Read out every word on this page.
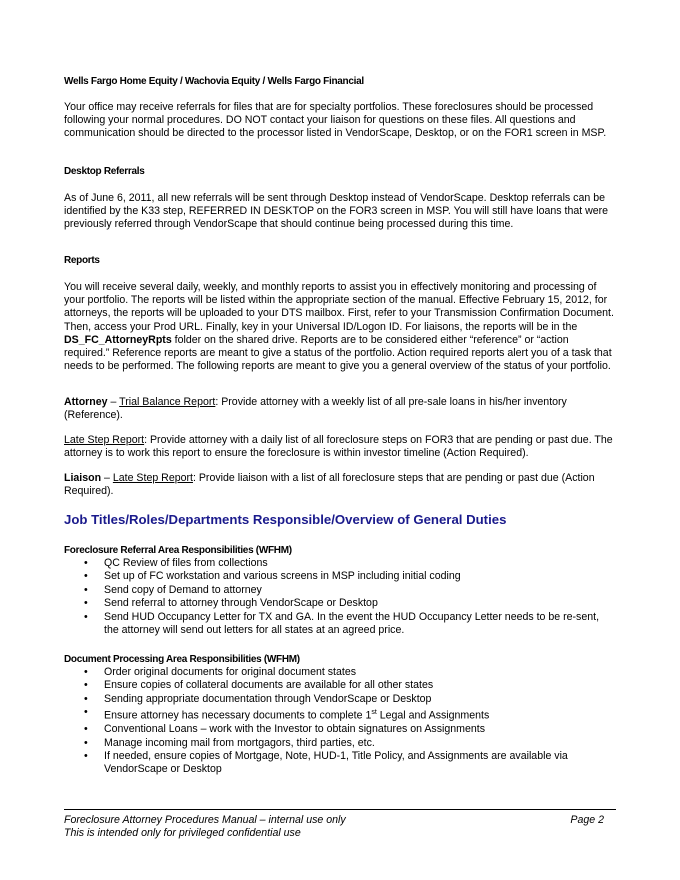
Wells Fargo Home Equity / Wachovia Equity / Wells Fargo Financial

Your office may receive referrals for files that are for specialty portfolios. These foreclosures should be processed following your normal procedures. DO NOT contact your liaison for questions on these files. All questions and communication should be directed to the processor listed in VendorScape, Desktop, or on the FOR1 screen in MSP.

Desktop Referrals

As of June 6, 2011, all new referrals will be sent through Desktop instead of VendorScape. Desktop referrals can be identified by the K33 step, REFERRED IN DESKTOP on the FOR3 screen in MSP. You will still have loans that were previously referred through VendorScape that should continue being processed during this time.

Reports

You will receive several daily, weekly, and monthly reports to assist you in effectively monitoring and processing of your portfolio. The reports will be listed within the appropriate section of the manual. Effective February 15, 2012, for attorneys, the reports will be uploaded to your DTS mailbox. First, refer to your Transmission Confirmation Document. Then, access your Prod URL. Finally, key in your Universal ID/Logon ID. For liaisons, the reports will be in the DS_FC_AttorneyRpts folder on the shared drive. Reports are to be considered either “reference” or “action required.” Reference reports are meant to give a status of the portfolio. Action required reports alert you of a task that needs to be performed. The following reports are meant to give you a general overview of the status of your portfolio.

Attorney – Trial Balance Report: Provide attorney with a weekly list of all pre-sale loans in his/her inventory (Reference).

Late Step Report: Provide attorney with a daily list of all foreclosure steps on FOR3 that are pending or past due. The attorney is to work this report to ensure the foreclosure is within investor timeline (Action Required).

Liaison – Late Step Report: Provide liaison with a list of all foreclosure steps that are pending or past due (Action Required).

Job Titles/Roles/Departments Responsible/Overview of General Duties

Foreclosure Referral Area Responsibilities (WFHM)

• QC Review of files from collections
• Set up of FC workstation and various screens in MSP including initial coding
• Send copy of Demand to attorney
• Send referral to attorney through VendorScape or Desktop
• Send HUD Occupancy Letter for TX and GA. In the event the HUD Occupancy Letter needs to be re-sent, the attorney will send out letters for all states at an agreed price.

Document Processing Area Responsibilities (WFHM)

• Order original documents for original document states
• Ensure copies of collateral documents are available for all other states
• Sending appropriate documentation through VendorScape or Desktop
• Ensure attorney has necessary documents to complete 1st Legal and Assignments
• Conventional Loans – work with the Investor to obtain signatures on Assignments
• Manage incoming mail from mortgagors, third parties, etc.
• If needed, ensure copies of Mortgage, Note, HUD-1, Title Policy, and Assignments are available via VendorScape or Desktop
Foreclosure Attorney Procedures Manual – internal use only	Page 2
This is intended only for privileged confidential use
